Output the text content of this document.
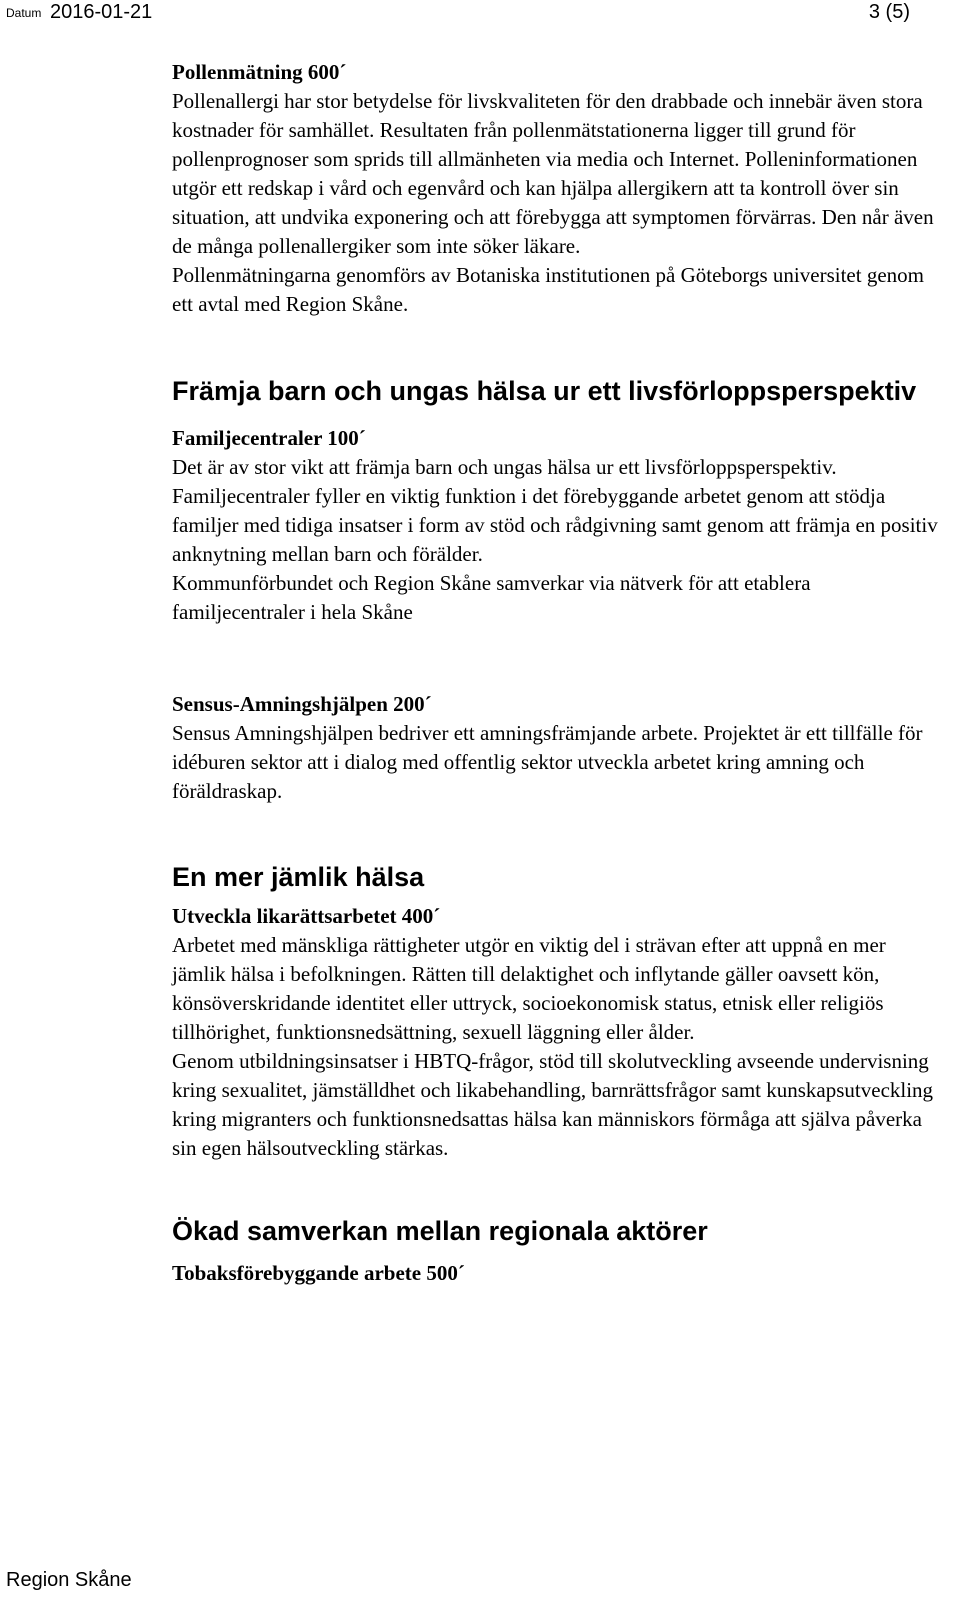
Datum 2016-01-21	3 (5)
Pollenmätning 600´

Pollenallergi har stor betydelse för livskvaliteten för den drabbade och innebär även stora kostnader för samhället. Resultaten från pollenmätstationerna ligger till grund för pollenprognoser som sprids till allmänheten via media och Internet. Polleninformationen utgör ett redskap i vård och egenvård och kan hjälpa allergikern att ta kontroll över sin situation, att undvika exponering och att förebygga att symptomen förvärras. Den når även de många pollenallergiker som inte söker läkare.

Pollenmätningarna genomförs av Botaniska institutionen på Göteborgs universitet genom ett avtal med Region Skåne.

Främja barn och ungas hälsa ur ett livsförloppsperspektiv
Familjecentraler 100´

Det är av stor vikt att främja barn och ungas hälsa ur ett livsförloppsperspektiv.

Familjecentraler fyller en viktig funktion i det förebyggande arbetet genom att stödja familjer med tidiga insatser i form av stöd och rådgivning samt genom att främja en positiv anknytning mellan barn och förälder.

Kommunförbundet och Region Skåne samverkar via nätverk för att etablera familjecentraler i hela Skåne

Sensus-Amningshjälpen 200´

Sensus Amningshjälpen bedriver ett amningsfrämjande arbete. Projektet är ett tillfälle för idéburen sektor att i dialog med offentlig sektor utveckla arbetet kring amning och föräldraskap.

En mer jämlik hälsa
Utveckla likarättsarbetet 400´

Arbetet med mänskliga rättigheter utgör en viktig del i strävan efter att uppnå en mer jämlik hälsa i befolkningen. Rätten till delaktighet och inflytande gäller oavsett kön, könsöverskridande identitet eller uttryck, socioekonomisk status, etnisk eller religiös tillhörighet, funktionsnedsättning, sexuell läggning eller ålder.

Genom utbildningsinsatser i HBTQ-frågor, stöd till skolutveckling avseende undervisning kring sexualitet, jämställdhet och likabehandling, barnrättsfrågor samt kunskapsutveckling kring migranters och funktionsnedsattas hälsa kan människors förmåga att själva påverka sin egen hälsoutveckling stärkas.

Ökad samverkan mellan regionala aktörer
Tobaksförebyggande arbete 500´
Region Skåne
